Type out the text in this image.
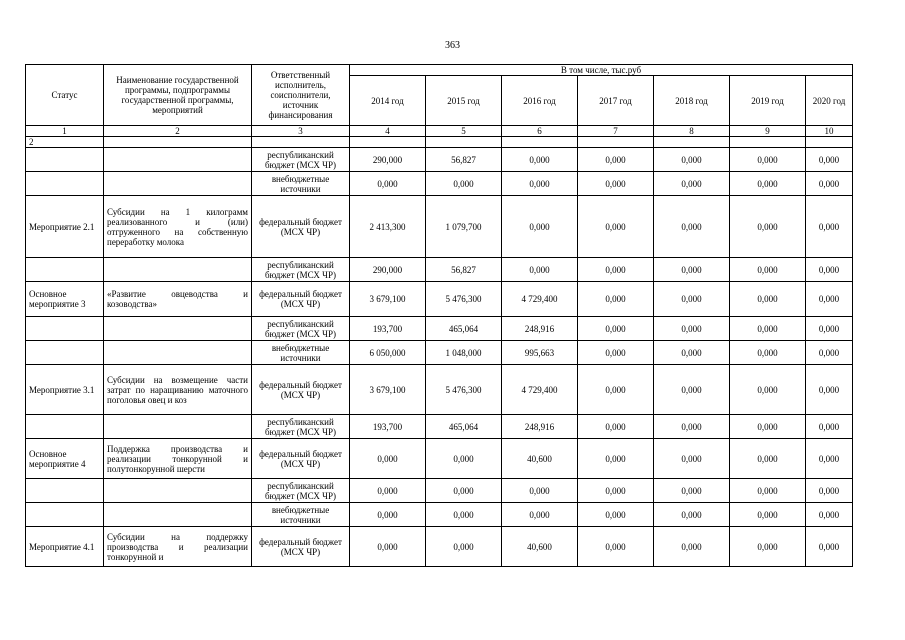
363
Статус	Наименование государственной программы, подпрограммы государственной программы, мероприятий	Ответственный исполнитель, соисполнители, источник финансирования	В том числе, тыс.руб						
			2014 год	2015 год	2016 год	2017 год	2018 год	2019 год	2020 год
1	2	3	4	5	6	7	8	9	10
2									
		республиканский бюджет (МСХ ЧР)	290,000	56,827	0,000	0,000	0,000	0,000	0,000
		внебюджетные источники	0,000	0,000	0,000	0,000	0,000	0,000	0,000
Мероприятие 2.1	Субсидии на 1 килограмм реализованного и (или) отгруженного на собственную переработку молока	федеральный бюджет (МСХ ЧР)	2 413,300	1 079,700	0,000	0,000	0,000	0,000	0,000
		республиканский бюджет (МСХ ЧР)	290,000	56,827	0,000	0,000	0,000	0,000	0,000
Основное мероприятие 3	«Развитие овцеводства и козоводства»	федеральный бюджет (МСХ ЧР)	3 679,100	5 476,300	4 729,400	0,000	0,000	0,000	0,000
		республиканский бюджет (МСХ ЧР)	193,700	465,064	248,916	0,000	0,000	0,000	0,000
		внебюджетные источники	6 050,000	1 048,000	995,663	0,000	0,000	0,000	0,000
Мероприятие 3.1	Субсидии на возмещение части затрат по наращиванию маточного поголовья овец и коз	федеральный бюджет (МСХ ЧР)	3 679,100	5 476,300	4 729,400	0,000	0,000	0,000	0,000
		республиканский бюджет (МСХ ЧР)	193,700	465,064	248,916	0,000	0,000	0,000	0,000
Основное мероприятие 4	Поддержка производства и реализации тонкорунной и полутонкорунной шерсти	федеральный бюджет (МСХ ЧР)	0,000	0,000	40,600	0,000	0,000	0,000	0,000
		республиканский бюджет (МСХ ЧР)	0,000	0,000	0,000	0,000	0,000	0,000	0,000
		внебюджетные источники	0,000	0,000	0,000	0,000	0,000	0,000	0,000
Мероприятие 4.1	Субсидии на поддержку производства и реализации тонкорунной и	федеральный бюджет (МСХ ЧР)	0,000	0,000	40,600	0,000	0,000	0,000	0,000
